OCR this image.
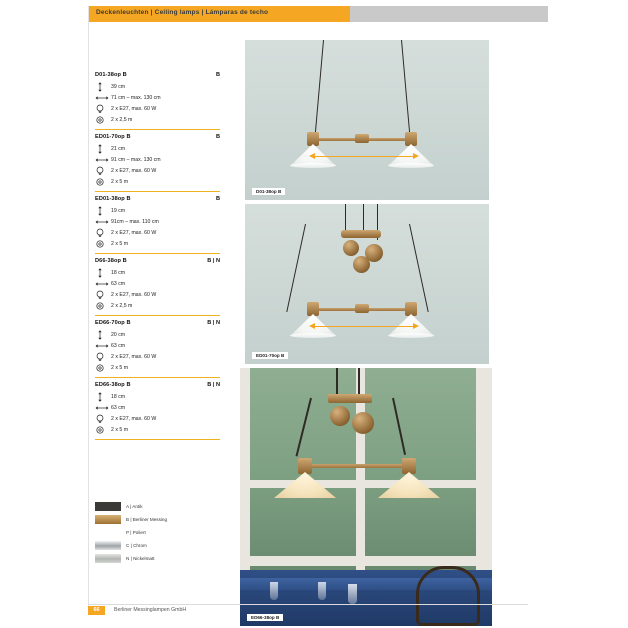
Deckenleuchten | Ceiling lamps | Lámparas de techo
D01-38op B	B
39 cm
71 cm – max. 130 cm
2 x E27, max. 60 W
2 x 2,5 m
ED01-70op B	B
21 cm
91 cm – max. 130 cm
2 x E27, max. 60 W
2 x 5 m
ED01-38op B	B
19 cm
91cm – max. 110 cm
2 x E27, max. 60 W
2 x 5 m
D66-38op B	B | N
18 cm
63 cm
2 x E27, max. 60 W
2 x 2,5 m
ED66-70op B	B | N
20 cm
63 cm
2 x E27, max. 60 W
2 x 5 m
ED66-38op B	B | N
18 cm
63 cm
2 x E27, max. 60 W
2 x 5 m
A | Antik
B | Berliner Messing
P | Poliert
C | Chrom
N | Nickelmatt
D01-38op B
ED01-70op B
ED66-38op B
66	Berliner Messinglampen GmbH
